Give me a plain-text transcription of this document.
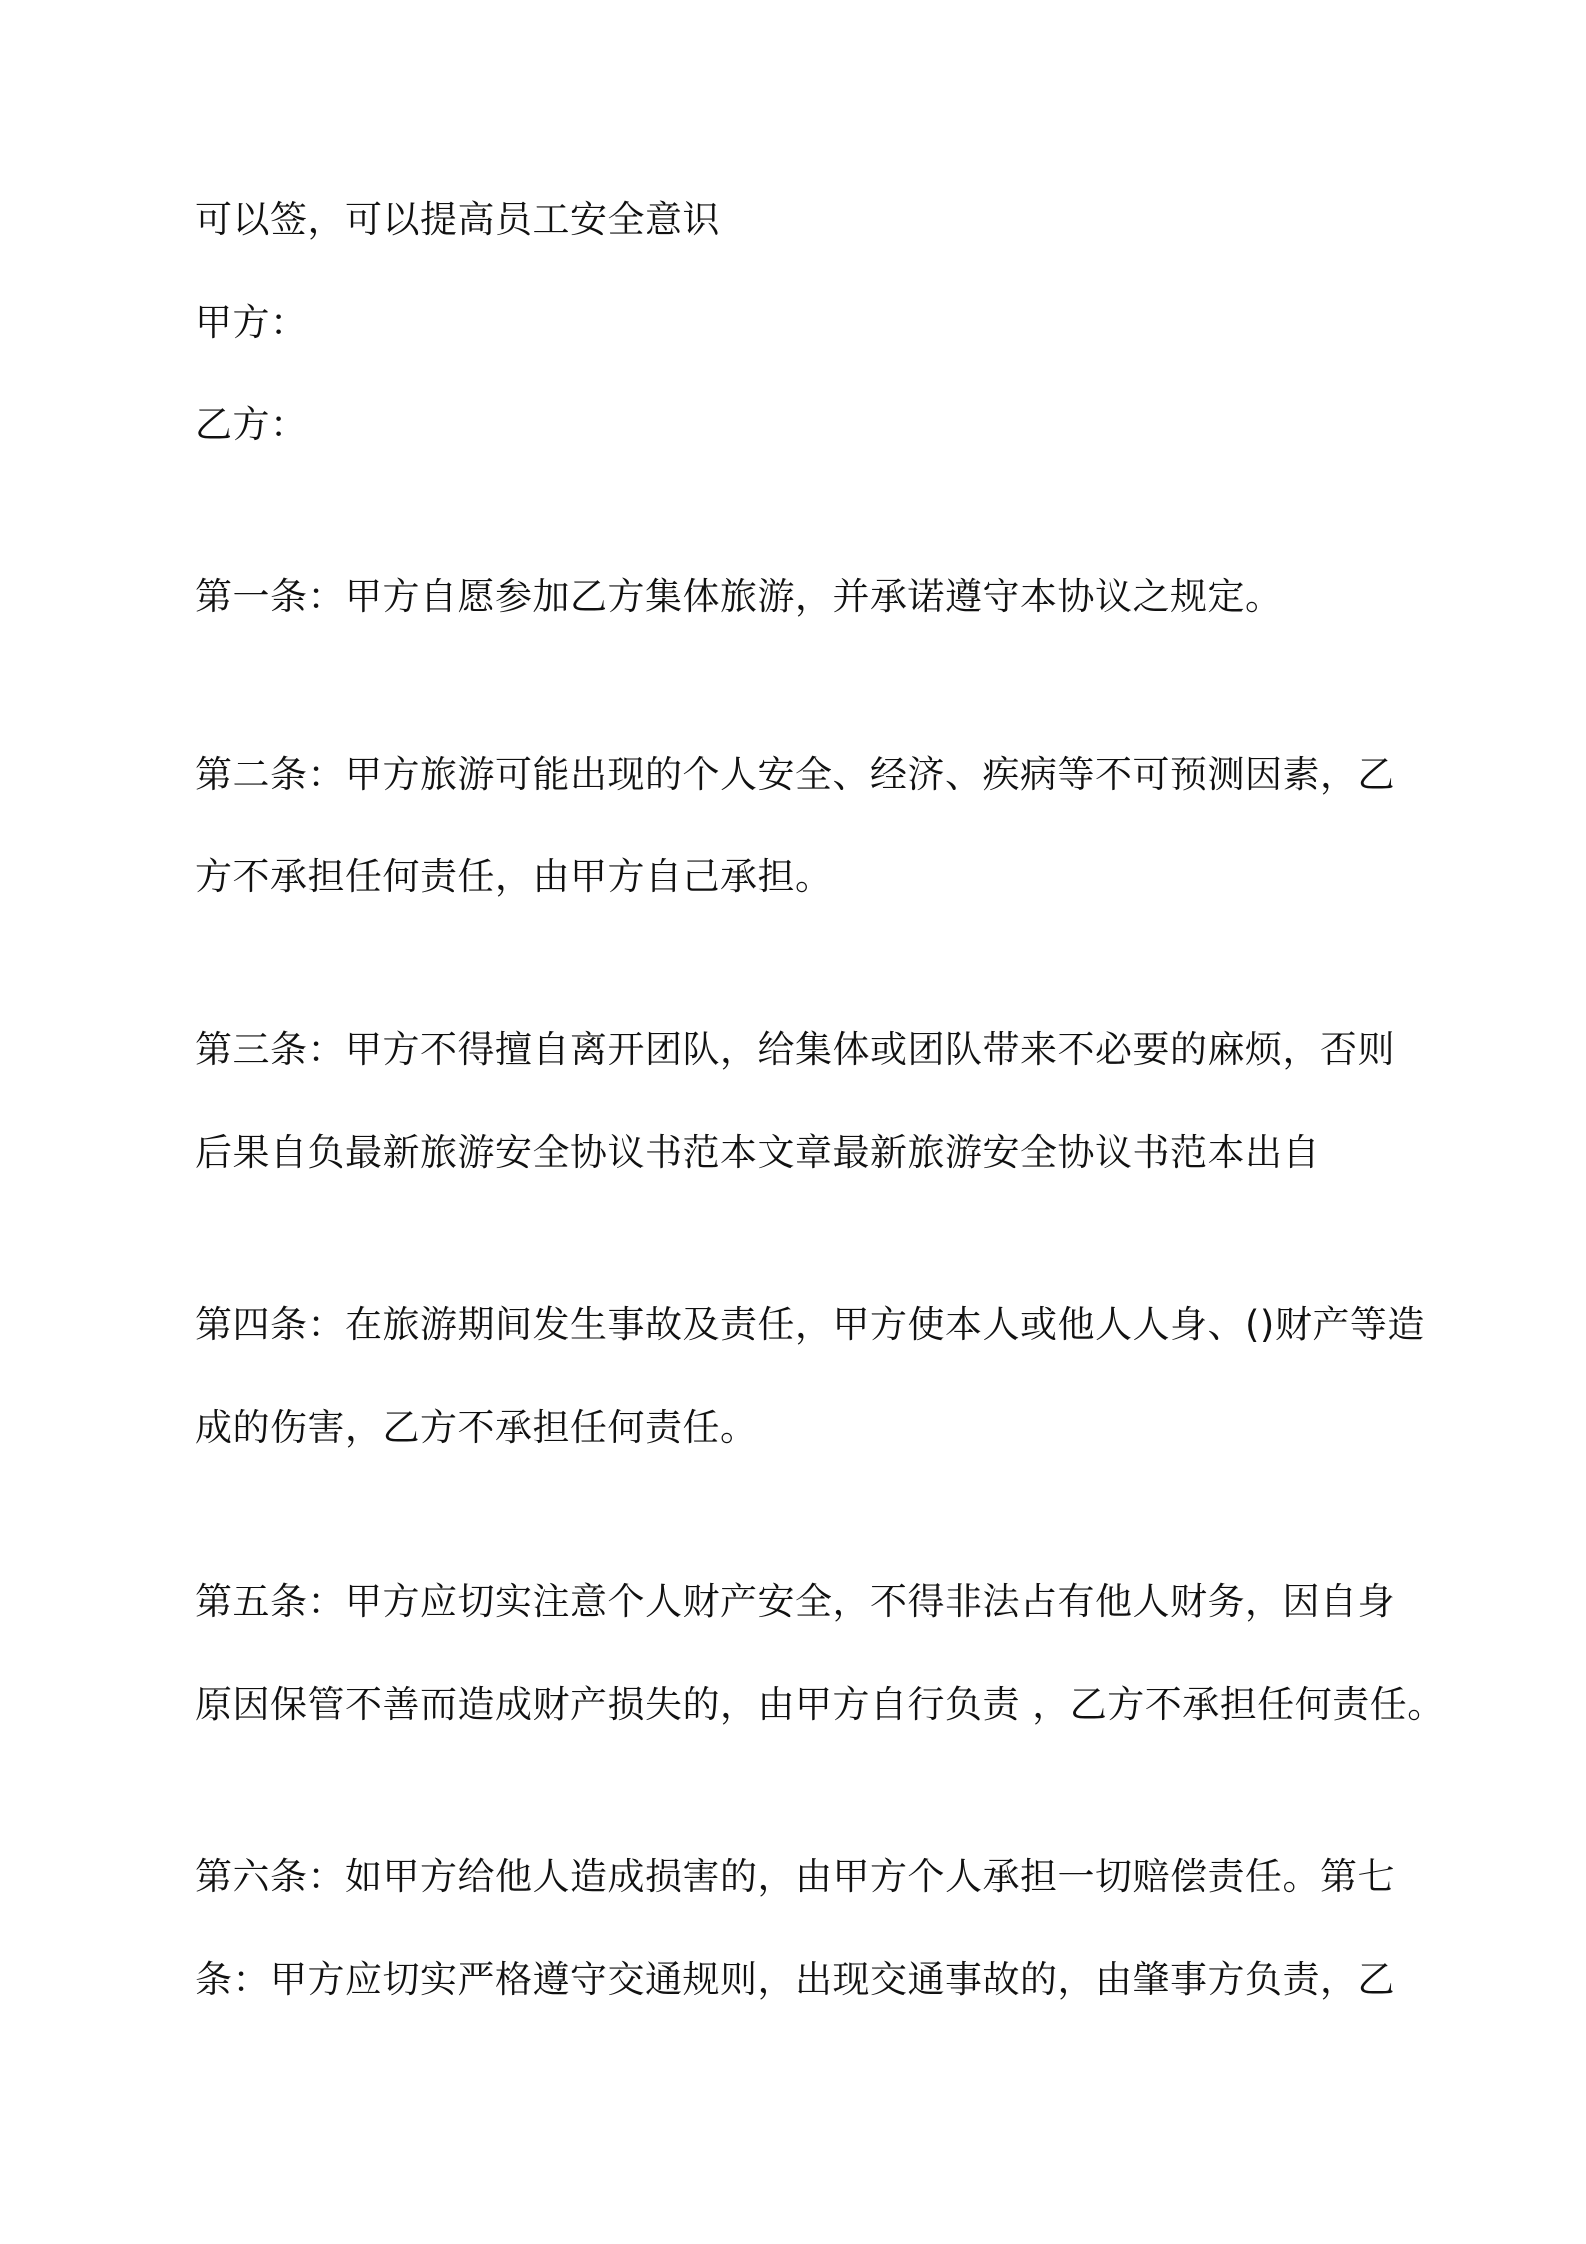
可以签，可以提高员工安全意识
甲方：
乙方：
第一条：甲方自愿参加乙方集体旅游，并承诺遵守本协议之规定。
第二条：甲方旅游可能出现的个人安全、经济、疾病等不可预测因素，乙
方不承担任何责任，由甲方自己承担。
第三条：甲方不得擅自离开团队，给集体或团队带来不必要的麻烦，否则
后果自负最新旅游安全协议书范本文章最新旅游安全协议书范本出自
第四条：在旅游期间发生事故及责任，甲方使本人或他人人身、()财产等造
成的伤害，乙方不承担任何责任。
第五条：甲方应切实注意个人财产安全，不得非法占有他人财务，因自身
原因保管不善而造成财产损失的，由甲方自行负责 ，乙方不承担任何责任。
第六条：如甲方给他人造成损害的，由甲方个人承担一切赔偿责任。第七
条：甲方应切实严格遵守交通规则，出现交通事故的，由肇事方负责，乙
